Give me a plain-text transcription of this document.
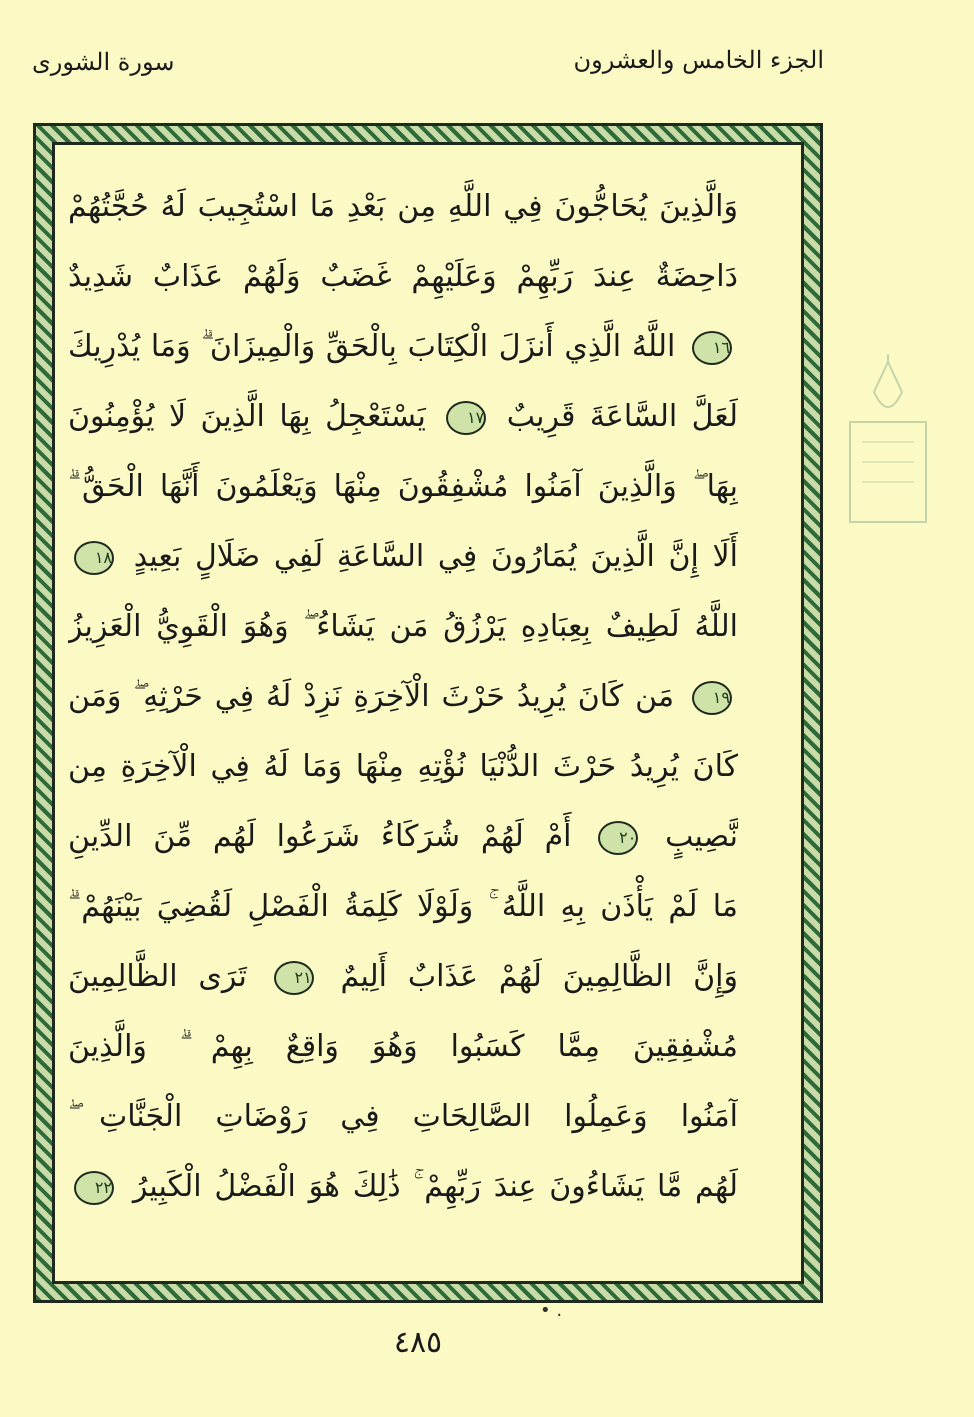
الجزء الخامس والعشرون
سورة الشورى
وَالَّذِينَ يُحَاجُّونَ فِي اللَّهِ مِن بَعْدِ مَا اسْتُجِيبَ لَهُ حُجَّتُهُمْ
دَاحِضَةٌ عِندَ رَبِّهِمْ وَعَلَيْهِمْ غَضَبٌ وَلَهُمْ عَذَابٌ شَدِيدٌ
١٦ اللَّهُ الَّذِي أَنزَلَ الْكِتَابَ بِالْحَقِّ وَالْمِيزَانَ ۗ وَمَا يُدْرِيكَ
لَعَلَّ السَّاعَةَ قَرِيبٌ ١٧ يَسْتَعْجِلُ بِهَا الَّذِينَ لَا يُؤْمِنُونَ
بِهَا ۖ وَالَّذِينَ آمَنُوا مُشْفِقُونَ مِنْهَا وَيَعْلَمُونَ أَنَّهَا الْحَقُّ ۗ
أَلَا إِنَّ الَّذِينَ يُمَارُونَ فِي السَّاعَةِ لَفِي ضَلَالٍ بَعِيدٍ ١٨
اللَّهُ لَطِيفٌ بِعِبَادِهِ يَرْزُقُ مَن يَشَاءُ ۖ وَهُوَ الْقَوِيُّ الْعَزِيزُ
١٩ مَن كَانَ يُرِيدُ حَرْثَ الْآخِرَةِ نَزِدْ لَهُ فِي حَرْثِهِ ۖ وَمَن
كَانَ يُرِيدُ حَرْثَ الدُّنْيَا نُؤْتِهِ مِنْهَا وَمَا لَهُ فِي الْآخِرَةِ مِن
نَّصِيبٍ ٢٠ أَمْ لَهُمْ شُرَكَاءُ شَرَعُوا لَهُم مِّنَ الدِّينِ
مَا لَمْ يَأْذَن بِهِ اللَّهُ ۚ وَلَوْلَا كَلِمَةُ الْفَصْلِ لَقُضِيَ بَيْنَهُمْ ۗ
وَإِنَّ الظَّالِمِينَ لَهُمْ عَذَابٌ أَلِيمٌ ٢١ تَرَى الظَّالِمِينَ
مُشْفِقِينَ مِمَّا كَسَبُوا وَهُوَ وَاقِعٌ بِهِمْ ۗ وَالَّذِينَ
آمَنُوا وَعَمِلُوا الصَّالِحَاتِ فِي رَوْضَاتِ الْجَنَّاتِ ۖ
لَهُم مَّا يَشَاءُونَ عِندَ رَبِّهِمْ ۚ ذَٰلِكَ هُوَ الْفَضْلُ الْكَبِيرُ ٢٢
• .
٤٨٥
